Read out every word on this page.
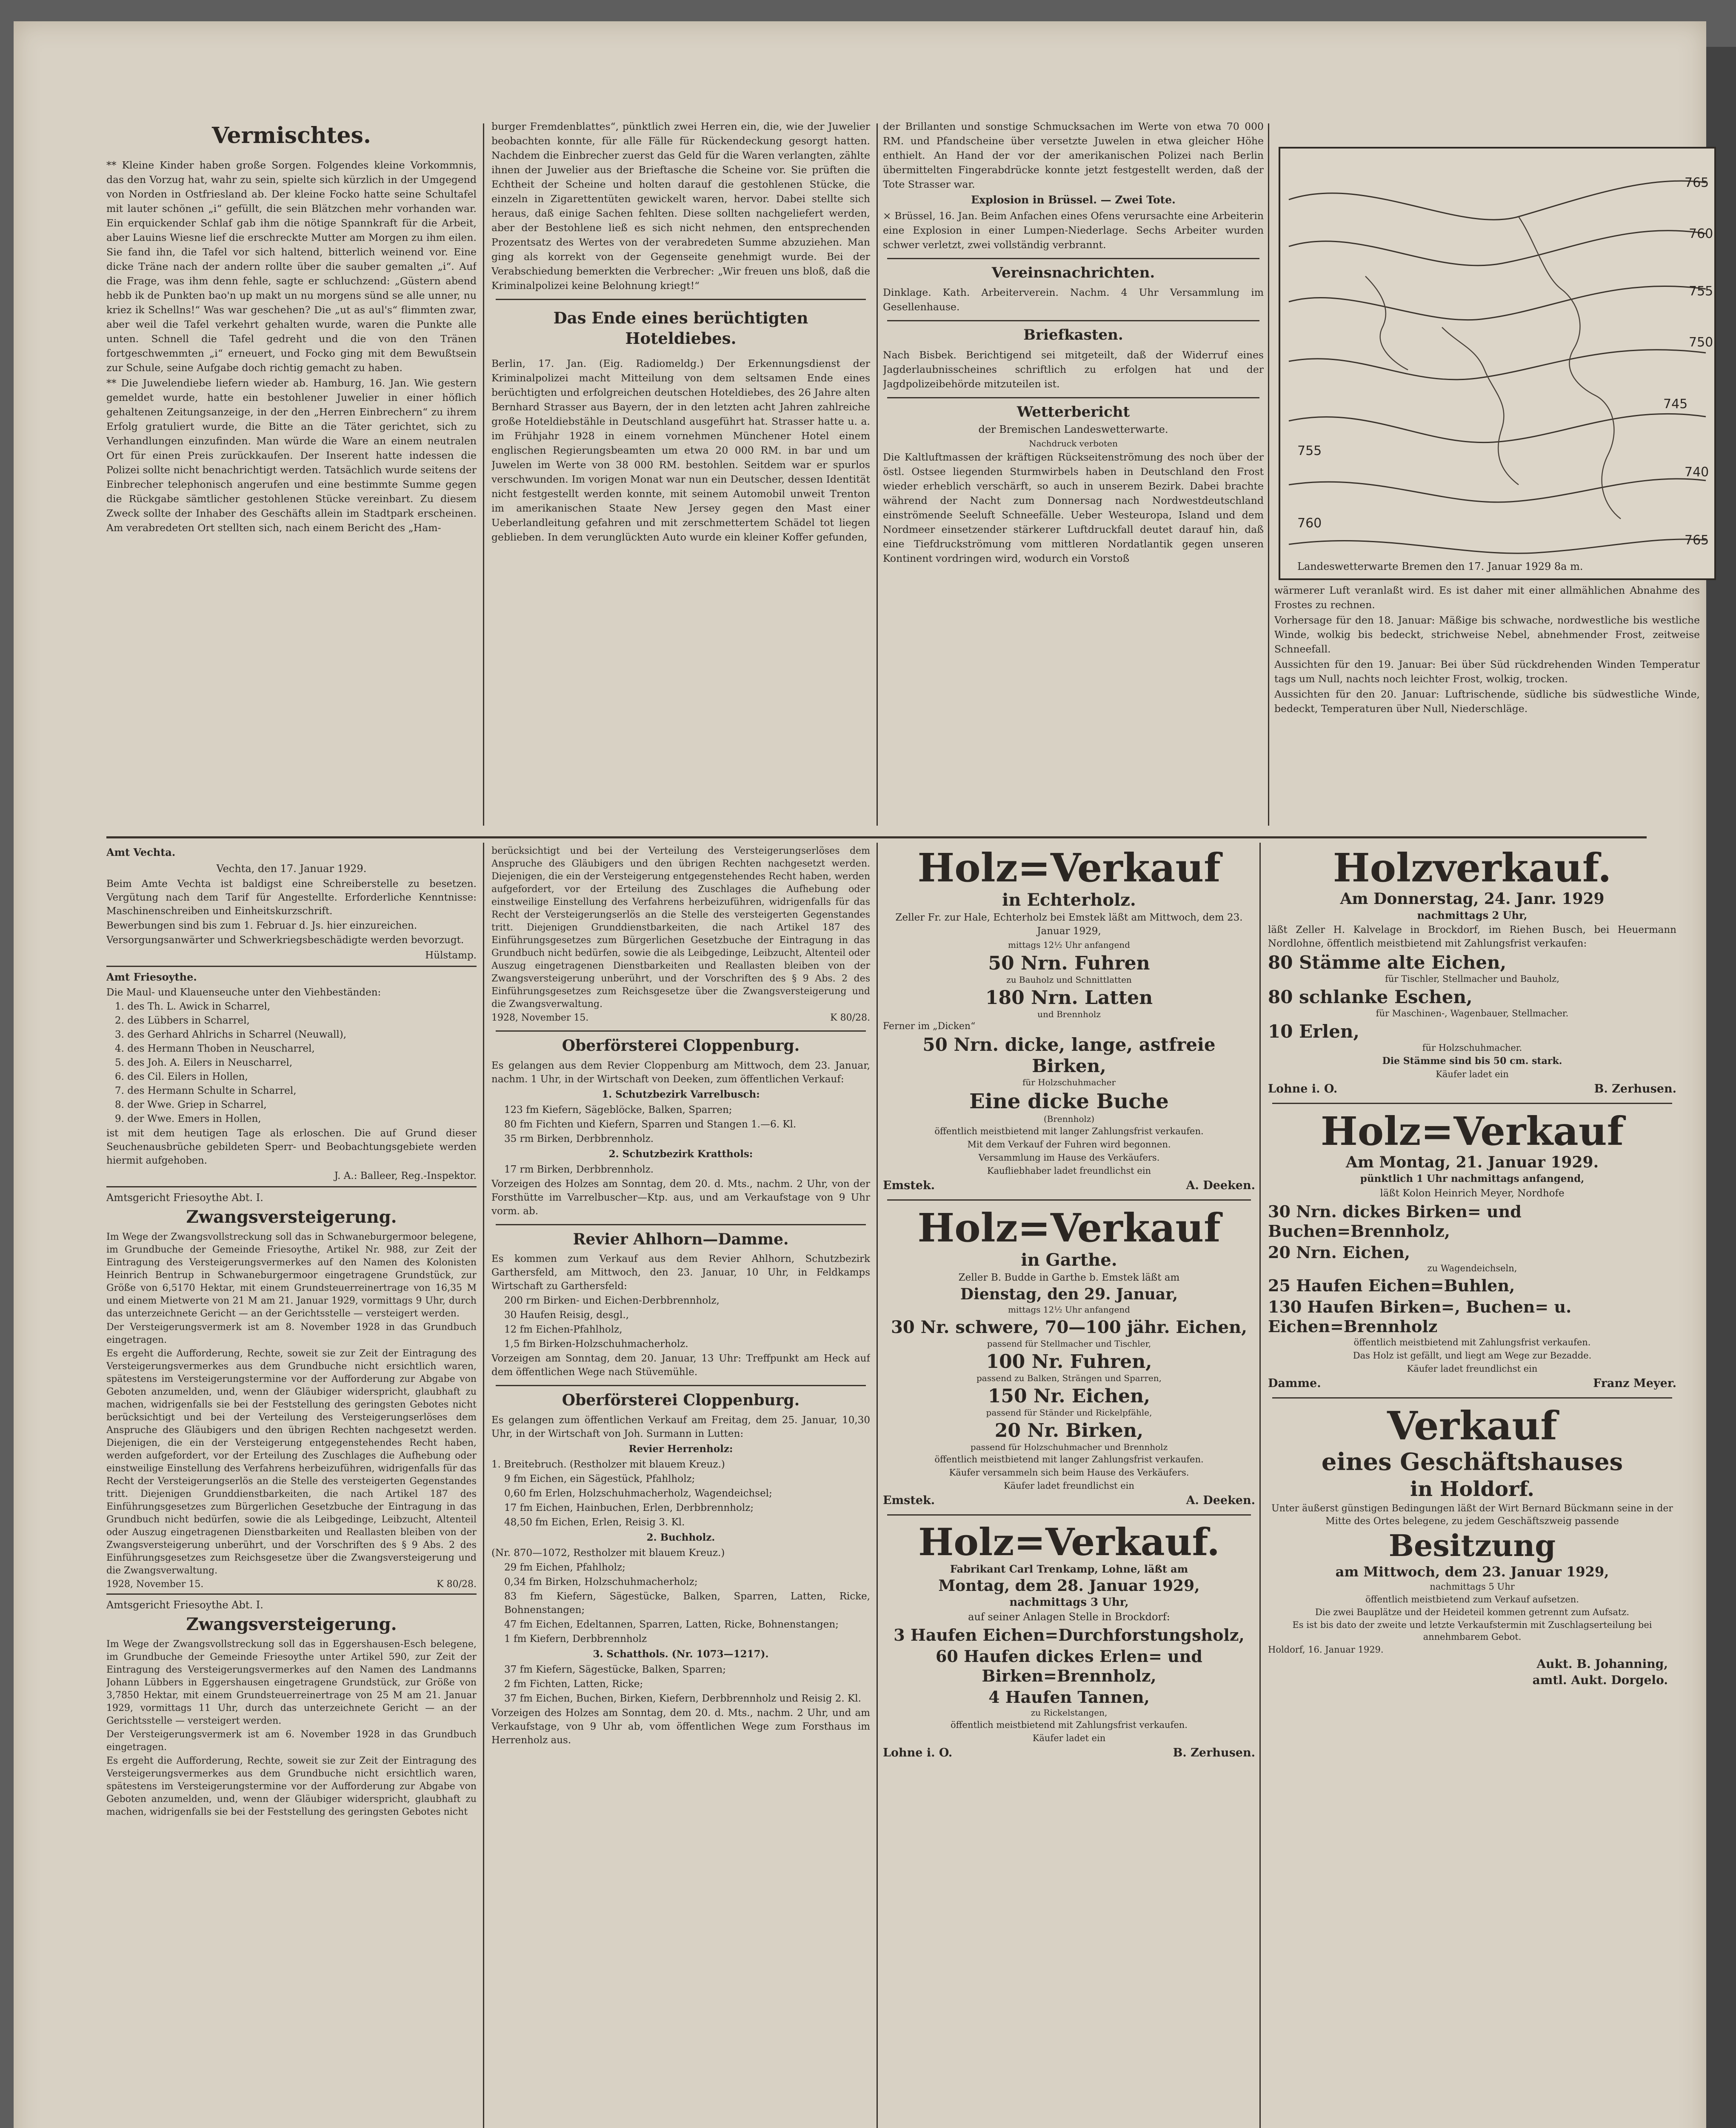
Vermischtes.

** Kleine Kinder haben große Sorgen. Folgendes kleine Vorkommnis, das den Vorzug hat, wahr zu sein, spielte sich kürzlich in der Umgegend von Norden in Ostfriesland ab. Der kleine Focko hatte seine Schultafel mit lauter schönen „i“ gefüllt, die sein Blätzchen mehr vorhanden war. Ein erquickender Schlaf gab ihm die nötige Spannkraft für die Arbeit, aber Lauins Wiesne lief die erschreckte Mutter am Morgen zu ihm eilen. Sie fand ihn, die Tafel vor sich haltend, bitterlich weinend vor. Eine dicke Träne nach der andern rollte über die sauber gemalten „i“. Auf die Frage, was ihm denn fehle, sagte er schluchzend: „Güstern abend hebb ik de Punkten bao'n up makt un nu morgens sünd se alle unner, nu kriez ik Schellns!“ Was war geschehen? Die „ut as aul's“ flimmten zwar, aber weil die Tafel verkehrt gehalten wurde, waren die Punkte alle unten. Schnell die Tafel gedreht und die von den Tränen fortgeschwemmten „i“ erneuert, und Focko ging mit dem Bewußtsein zur Schule, seine Aufgabe doch richtig gemacht zu haben.

** Die Juwelendiebe liefern wieder ab. Hamburg, 16. Jan. Wie gestern gemeldet wurde, hatte ein bestohlener Juwelier in einer höflich gehaltenen Zeitungsanzeige, in der den „Herren Einbrechern“ zu ihrem Erfolg gratuliert wurde, die Bitte an die Täter gerichtet, sich zu Verhandlungen einzufinden. Man würde die Ware an einem neutralen Ort für einen Preis zurückkaufen. Der Inserent hatte indessen die Polizei sollte nicht benachrichtigt werden. Tatsächlich wurde seitens der Einbrecher telephonisch angerufen und eine bestimmte Summe gegen die Rückgabe sämtlicher gestohlenen Stücke vereinbart. Zu diesem Zweck sollte der Inhaber des Geschäfts allein im Stadtpark erscheinen. Am verabredeten Ort stellten sich, nach einem Bericht des „Ham-

burger Fremdenblattes“, pünktlich zwei Herren ein, die, wie der Juwelier beobachten konnte, für alle Fälle für Rückendeckung gesorgt hatten. Nachdem die Einbrecher zuerst das Geld für die Waren verlangten, zählte ihnen der Juwelier aus der Brieftasche die Scheine vor. Sie prüften die Echtheit der Scheine und holten darauf die gestohlenen Stücke, die einzeln in Zigarettentüten gewickelt waren, hervor. Dabei stellte sich heraus, daß einige Sachen fehlten. Diese sollten nachgeliefert werden, aber der Bestohlene ließ es sich nicht nehmen, den entsprechenden Prozentsatz des Wertes von der verabredeten Summe abzuziehen. Man ging als korrekt von der Gegenseite genehmigt wurde. Bei der Verabschiedung bemerkten die Verbrecher: „Wir freuen uns bloß, daß die Kriminalpolizei keine Belohnung kriegt!“

Das Ende eines berüchtigten Hoteldiebes.

Berlin, 17. Jan. (Eig. Radiomeldg.) Der Erkennungsdienst der Kriminalpolizei macht Mitteilung von dem seltsamen Ende eines berüchtigten und erfolgreichen deutschen Hoteldiebes, des 26 Jahre alten Bernhard Strasser aus Bayern, der in den letzten acht Jahren zahlreiche große Hoteldiebstähle in Deutschland ausgeführt hat. Strasser hatte u. a. im Frühjahr 1928 in einem vornehmen Münchener Hotel einem englischen Regierungsbeamten um etwa 20 000 RM. in bar und um Juwelen im Werte von 38 000 RM. bestohlen. Seitdem war er spurlos verschwunden. Im vorigen Monat war nun ein Deutscher, dessen Identität nicht festgestellt werden konnte, mit seinem Automobil unweit Trenton im amerikanischen Staate New Jersey gegen den Mast einer Ueberlandleitung gefahren und mit zerschmettertem Schädel tot liegen geblieben. In dem verunglückten Auto wurde ein kleiner Koffer gefunden,

der Brillanten und sonstige Schmucksachen im Werte von etwa 70 000 RM. und Pfandscheine über versetzte Juwelen in etwa gleicher Höhe enthielt. An Hand der vor der amerikanischen Polizei nach Berlin übermittelten Fingerabdrücke konnte jetzt festgestellt werden, daß der Tote Strasser war.

Explosion in Brüssel. — Zwei Tote.

× Brüssel, 16. Jan. Beim Anfachen eines Ofens verursachte eine Arbeiterin eine Explosion in einer Lumpen-Niederlage. Sechs Arbeiter wurden schwer verletzt, zwei vollständig verbrannt.

Vereinsnachrichten.

Dinklage. Kath. Arbeiterverein. Nachm. 4 Uhr Versammlung im Gesellenhause.

Briefkasten.

Nach Bisbek. Berichtigend sei mitgeteilt, daß der Widerruf eines Jagderlaubnisscheines schriftlich zu erfolgen hat und der Jagdpolizeibehörde mitzuteilen ist.

Wetterbericht

der Bremischen Landeswetterwarte.

Nachdruck verboten

Die Kaltluftmassen der kräftigen Rückseitenströmung des noch über der östl. Ostsee liegenden Sturmwirbels haben in Deutschland den Frost wieder erheblich verschärft, so auch in unserem Bezirk. Dabei brachte während der Nacht zum Donnersag nach Nordwestdeutschland einströmende Seeluft Schneefälle. Ueber Westeuropa, Island und dem Nordmeer einsetzender stärkerer Luftdruckfall deutet darauf hin, daß eine Tiefdruckströmung vom mittleren Nordatlantik gegen unseren Kontinent vordringen wird, wodurch ein Vorstoß

765
760
755
750
745
740
755
760
765
Landeswetterwarte Bremen den 17. Januar 1929 8a m.

wärmerer Luft veranlaßt wird. Es ist daher mit einer allmählichen Abnahme des Frostes zu rechnen.

Vorhersage für den 18. Januar: Mäßige bis schwache, nordwestliche bis westliche Winde, wolkig bis bedeckt, strichweise Nebel, abnehmender Frost, zeitweise Schneefall.

Aussichten für den 19. Januar: Bei über Süd rückdrehenden Winden Temperatur tags um Null, nachts noch leichter Frost, wolkig, trocken.

Aussichten für den 20. Januar: Luftrischende, südliche bis südwestliche Winde, bedeckt, Temperaturen über Null, Niederschläge.

Amt Vechta.

Vechta, den 17. Januar 1929.

Beim Amte Vechta ist baldigst eine Schreiberstelle zu besetzen. Vergütung nach dem Tarif für Angestellte. Erforderliche Kenntnisse: Maschinenschreiben und Einheitskurzschrift.

Bewerbungen sind bis zum 1. Februar d. Js. hier einzureichen.

Versorgungsanwärter und Schwerkriegsbeschädigte werden bevorzugt.

Hülstamp.

Amt Friesoythe.

Die Maul- und Klauenseuche unter den Viehbeständen:

1. des Th. L. Awick in Scharrel,

2. des Lübbers in Scharrel,

3. des Gerhard Ahlrichs in Scharrel (Neuwall),

4. des Hermann Thoben in Neuscharrel,

5. des Joh. A. Eilers in Neuscharrel,

6. des Cil. Eilers in Hollen,

7. des Hermann Schulte in Scharrel,

8. der Wwe. Griep in Scharrel,

9. der Wwe. Emers in Hollen,

ist mit dem heutigen Tage als erloschen. Die auf Grund dieser Seuchenausbrüche gebildeten Sperr- und Beobachtungsgebiete werden hiermit aufgehoben.

J. A.: Balleer, Reg.-Inspektor.

Amtsgericht Friesoythe Abt. I.

Zwangsversteigerung.

Im Wege der Zwangsvollstreckung soll das in Schwaneburgermoor belegene, im Grundbuche der Gemeinde Friesoythe, Artikel Nr. 988, zur Zeit der Eintragung des Versteigerungsvermerkes auf den Namen des Kolonisten Heinrich Bentrup in Schwaneburgermoor eingetragene Grundstück, zur Größe von 6,5170 Hektar, mit einem Grundsteuerreinertrage von 16,35 M und einem Mietwerte von 21 M am 21. Januar 1929, vormittags 9 Uhr, durch das unterzeichnete Gericht — an der Gerichtsstelle — versteigert werden.

Der Versteigerungsvermerk ist am 8. November 1928 in das Grundbuch eingetragen.

Es ergeht die Aufforderung, Rechte, soweit sie zur Zeit der Eintragung des Versteigerungsvermerkes aus dem Grundbuche nicht ersichtlich waren, spätestens im Versteigerungstermine vor der Aufforderung zur Abgabe von Geboten anzumelden, und, wenn der Gläubiger widerspricht, glaubhaft zu machen, widrigenfalls sie bei der Feststellung des geringsten Gebotes nicht berücksichtigt und bei der Verteilung des Versteigerungserlöses dem Anspruche des Gläubigers und den übrigen Rechten nachgesetzt werden. Diejenigen, die ein der Versteigerung entgegenstehendes Recht haben, werden aufgefordert, vor der Erteilung des Zuschlages die Aufhebung oder einstweilige Einstellung des Verfahrens herbeizuführen, widrigenfalls für das Recht der Versteigerungserlös an die Stelle des versteigerten Gegenstandes tritt. Diejenigen Grunddienstbarkeiten, die nach Artikel 187 des Einführungsgesetzes zum Bürgerlichen Gesetzbuche der Eintragung in das Grundbuch nicht bedürfen, sowie die als Leibgedinge, Leibzucht, Altenteil oder Auszug eingetragenen Dienstbarkeiten und Reallasten bleiben von der Zwangsversteigerung unberührt, und der Vorschriften des § 9 Abs. 2 des Einführungsgesetzes zum Reichsgesetze über die Zwangsversteigerung und die Zwangsverwaltung.

1928, November 15.	K 80/28.

Amtsgericht Friesoythe Abt. I.

Zwangsversteigerung.

Im Wege der Zwangsvollstreckung soll das in Eggershausen-Esch belegene, im Grundbuche der Gemeinde Friesoythe unter Artikel 590, zur Zeit der Eintragung des Versteigerungsvermerkes auf den Namen des Landmanns Johann Lübbers in Eggershausen eingetragene Grundstück, zur Größe von 3,7850 Hektar, mit einem Grundsteuerreinertrage von 25 M am 21. Januar 1929, vormittags 11 Uhr, durch das unterzeichnete Gericht — an der Gerichtsstelle — versteigert werden.

Der Versteigerungsvermerk ist am 6. November 1928 in das Grundbuch eingetragen.

Es ergeht die Aufforderung, Rechte, soweit sie zur Zeit der Eintragung des Versteigerungsvermerkes aus dem Grundbuche nicht ersichtlich waren, spätestens im Versteigerungstermine vor der Aufforderung zur Abgabe von Geboten anzumelden, und, wenn der Gläubiger widerspricht, glaubhaft zu machen, widrigenfalls sie bei der Feststellung des geringsten Gebotes nicht

berücksichtigt und bei der Verteilung des Versteigerungserlöses dem Anspruche des Gläubigers und den übrigen Rechten nachgesetzt werden. Diejenigen, die ein der Versteigerung entgegenstehendes Recht haben, werden aufgefordert, vor der Erteilung des Zuschlages die Aufhebung oder einstweilige Einstellung des Verfahrens herbeizuführen, widrigenfalls für das Recht der Versteigerungserlös an die Stelle des versteigerten Gegenstandes tritt. Diejenigen Grunddienstbarkeiten, die nach Artikel 187 des Einführungsgesetzes zum Bürgerlichen Gesetzbuche der Eintragung in das Grundbuch nicht bedürfen, sowie die als Leibgedinge, Leibzucht, Altenteil oder Auszug eingetragenen Dienstbarkeiten und Reallasten bleiben von der Zwangsversteigerung unberührt, und der Vorschriften des § 9 Abs. 2 des Einführungsgesetzes zum Reichsgesetze über die Zwangsversteigerung und die Zwangsverwaltung.

1928, November 15.	K 80/28.

Oberförsterei Cloppenburg.

Es gelangen aus dem Revier Cloppenburg am Mittwoch, dem 23. Januar, nachm. 1 Uhr, in der Wirtschaft von Deeken, zum öffentlichen Verkauf:

1. Schutzbezirk Varrelbusch:

123 fm Kiefern, Sägeblöcke, Balken, Sparren;

80 fm Fichten und Kiefern, Sparren und Stangen 1.—6. Kl.

35 rm Birken, Derbbrennholz.

2. Schutzbezirk Kratthols:

17 rm Birken, Derbbrennholz.

Vorzeigen des Holzes am Sonntag, dem 20. d. Mts., nachm. 2 Uhr, von der Forsthütte im Varrelbuscher—Ktp. aus, und am Verkaufstage von 9 Uhr vorm. ab.

Revier Ahlhorn—Damme.

Es kommen zum Verkauf aus dem Revier Ahlhorn, Schutzbezirk Garthersfeld, am Mittwoch, den 23. Januar, 10 Uhr, in Feldkamps Wirtschaft zu Garthersfeld:

200 rm Birken- und Eichen-Derbbrennholz,

30 Haufen Reisig, desgl.,

12 fm Eichen-Pfahlholz,

1,5 fm Birken-Holzschuhmacherholz.

Vorzeigen am Sonntag, dem 20. Januar, 13 Uhr: Treffpunkt am Heck auf dem öffentlichen Wege nach Stüvemühle.

Oberförsterei Cloppenburg.

Es gelangen zum öffentlichen Verkauf am Freitag, dem 25. Januar, 10,30 Uhr, in der Wirtschaft von Joh. Surmann in Lutten:

Revier Herrenholz:

1. Breitebruch. (Restholzer mit blauem Kreuz.)

9 fm Eichen, ein Sägestück, Pfahlholz;

0,60 fm Erlen, Holzschuhmacherholz, Wagendeichsel;

17 fm Eichen, Hainbuchen, Erlen, Derbbrennholz;

48,50 fm Eichen, Erlen, Reisig 3. Kl.

2. Buchholz.

(Nr. 870—1072, Restholzer mit blauem Kreuz.)

29 fm Eichen, Pfahlholz;

0,34 fm Birken, Holzschuhmacherholz;

83 fm Kiefern, Sägestücke, Balken, Sparren, Latten, Ricke, Bohnenstangen;

47 fm Eichen, Edeltannen, Sparren, Latten, Ricke, Bohnenstangen;

1 fm Kiefern, Derbbrennholz

3. Schatthols. (Nr. 1073—1217).

37 fm Kiefern, Sägestücke, Balken, Sparren;

2 fm Fichten, Latten, Ricke;

37 fm Eichen, Buchen, Birken, Kiefern, Derbbrennholz und Reisig 2. Kl.

Vorzeigen des Holzes am Sonntag, dem 20. d. Mts., nachm. 2 Uhr, und am Verkaufstage, von 9 Uhr ab, vom öffentlichen Wege zum Forsthaus im Herrenholz aus.

Holz=Verkauf

in Echterholz.

Zeller Fr. zur Hale, Echterholz bei Emstek läßt am Mittwoch, dem 23. Januar 1929,

mittags 12½ Uhr anfangend

50 Nrn. Fuhren

zu Bauholz und Schnittlatten

180 Nrn. Latten

und Brennholz

Ferner im „Dicken“

50 Nrn. dicke, lange, astfreie Birken,

für Holzschuhmacher

Eine dicke Buche

(Brennholz)

öffentlich meistbietend mit langer Zahlungsfrist verkaufen.

Mit dem Verkauf der Fuhren wird begonnen.

Versammlung im Hause des Verkäufers.

Kaufliebhaber ladet freundlichst ein

Emstek.	A. Deeken.

Holz=Verkauf

in Garthe.

Zeller B. Budde in Garthe b. Emstek läßt am

Dienstag, den 29. Januar,

mittags 12½ Uhr anfangend

30 Nr. schwere, 70—100 jähr. Eichen,

passend für Stellmacher und Tischler,

100 Nr. Fuhren,

passend zu Balken, Strängen und Sparren,

150 Nr. Eichen,

passend für Ständer und Rickelpfähle,

20 Nr. Birken,

passend für Holzschuhmacher und Brennholz

öffentlich meistbietend mit langer Zahlungsfrist verkaufen.

Käufer versammeln sich beim Hause des Verkäufers.

Käufer ladet freundlichst ein

Emstek.	A. Deeken.

Holz=Verkauf.

Fabrikant Carl Trenkamp, Lohne, läßt am

Montag, dem 28. Januar 1929,

nachmittags 3 Uhr,

auf seiner Anlagen Stelle in Brockdorf:

3 Haufen Eichen=Durchforstungsholz,

60 Haufen dickes Erlen= und Birken=Brennholz,

4 Haufen Tannen,

zu Rickelstangen,

öffentlich meistbietend mit Zahlungsfrist verkaufen.

Käufer ladet ein

Lohne i. O.	B. Zerhusen.

Holzverkauf.

Am Donnerstag, 24. Janr. 1929

nachmittags 2 Uhr,

läßt Zeller H. Kalvelage in Brockdorf, im Riehen Busch, bei Heuermann Nordlohne, öffentlich meistbietend mit Zahlungsfrist verkaufen:

80 Stämme alte Eichen,

für Tischler, Stellmacher und Bauholz,

80 schlanke Eschen,

für Maschinen-, Wagenbauer, Stellmacher.

10 Erlen,

für Holzschuhmacher.

Die Stämme sind bis 50 cm. stark.

Käufer ladet ein

Lohne i. O.	B. Zerhusen.

Holz=Verkauf

Am Montag, 21. Januar 1929.

pünktlich 1 Uhr nachmittags anfangend,

läßt Kolon Heinrich Meyer, Nordhofe

30 Nrn. dickes Birken= und Buchen=Brennholz,

20 Nrn. Eichen,

zu Wagendeichseln,

25 Haufen Eichen=Buhlen,

130 Haufen Birken=, Buchen= u. Eichen=Brennholz

öffentlich meistbietend mit Zahlungsfrist verkaufen.

Das Holz ist gefällt, und liegt am Wege zur Bezadde.

Käufer ladet freundlichst ein

Damme.	Franz Meyer.

Verkauf

eines Geschäftshauses

in Holdorf.

Unter äußerst günstigen Bedingungen läßt der Wirt Bernard Bückmann seine in der Mitte des Ortes belegene, zu jedem Geschäftszweig passende

Besitzung

am Mittwoch, dem 23. Januar 1929,

nachmittags 5 Uhr

öffentlich meistbietend zum Verkauf aufsetzen.

Die zwei Bauplätze und der Heideteil kommen getrennt zum Aufsatz.

Es ist bis dato der zweite und letzte Verkaufstermin mit Zuschlagserteilung bei annehmbarem Gebot.

Holdorf, 16. Januar 1929.

Aukt. B. Johanning,

amtl. Aukt. Dorgelo.
